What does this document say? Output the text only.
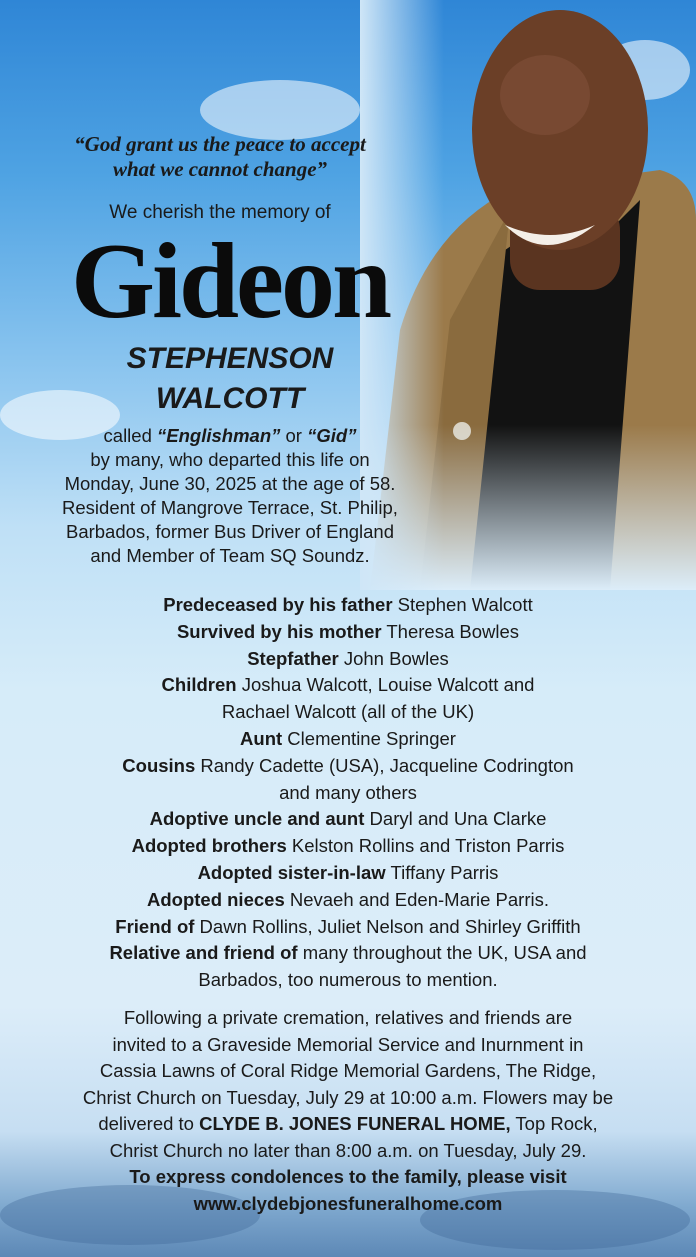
“God grant us the peace to accept
what we cannot change”
We cherish the memory of
Gideon
STEPHENSON
WALCOTT
called “Englishman” or “Gid”
by many, who departed this life on
Monday, June 30, 2025 at the age of 58.
Resident of Mangrove Terrace, St. Philip,
Barbados, former Bus Driver of England
and Member of Team SQ Soundz.
Predeceased by his father Stephen Walcott
Survived by his mother Theresa Bowles
Stepfather John Bowles
Children Joshua Walcott, Louise Walcott and
Rachael Walcott (all of the UK)
Aunt Clementine Springer
Cousins Randy Cadette (USA), Jacqueline Codrington
and many others
Adoptive uncle and aunt Daryl and Una Clarke
Adopted brothers Kelston Rollins and Triston Parris
Adopted sister-in-law Tiffany Parris
Adopted nieces Nevaeh and Eden-Marie Parris.
Friend of Dawn Rollins, Juliet Nelson and Shirley Griffith
Relative and friend of many throughout the UK, USA and
Barbados, too numerous to mention.
Following a private cremation, relatives and friends are
invited to a Graveside Memorial Service and Inurnment in
Cassia Lawns of Coral Ridge Memorial Gardens, The Ridge,
Christ Church on Tuesday, July 29 at 10:00 a.m. Flowers may be
delivered to CLYDE B. JONES FUNERAL HOME, Top Rock,
Christ Church no later than 8:00 a.m. on Tuesday, July 29.
To express condolences to the family, please visit
www.clydebjonesfuneralhome.com
